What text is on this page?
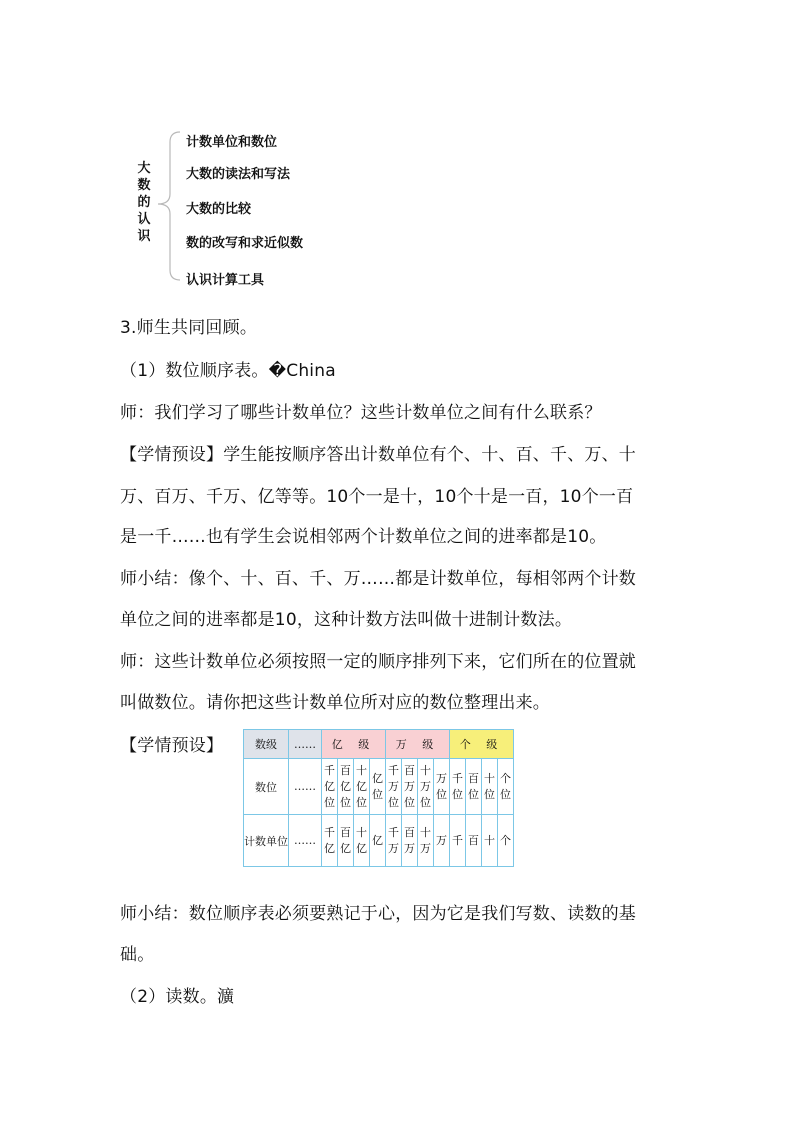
大
数
的
认
识
计数单位和数位
大数的读法和写法
大数的比较
数的改写和求近似数
认识计算工具
3.师生共同回顾。
（1）数位顺序表。�China
师：我们学习了哪些计数单位？这些计数单位之间有什么联系？
【学情预设】学生能按顺序答出计数单位有个、十、百、千、万、十
万、百万、千万、亿等等。10个一是十，10个十是一百，10个一百
是一千……也有学生会说相邻两个计数单位之间的进率都是10。
师小结：像个、十、百、千、万……都是计数单位，每相邻两个计数
单位之间的进率都是10，这种计数方法叫做十进制计数法。
师：这些计数单位必须按照一定的顺序排列下来，它们所在的位置就
叫做数位。请你把这些计数单位所对应的数位整理出来。
【学情预设】
师小结：数位顺序表必须要熟记于心，因为它是我们写数、读数的基
础。
（2）读数。瀇
数级	……	亿 级				万 级				个 级			
数位	……	千亿位	百亿位	十亿位	亿位	千万位	百万位	十万位	万位	千位	百位	十位	个位
计数单位	……	千亿	百亿	十亿	亿	千万	百万	十万	万	千	百	十	个
